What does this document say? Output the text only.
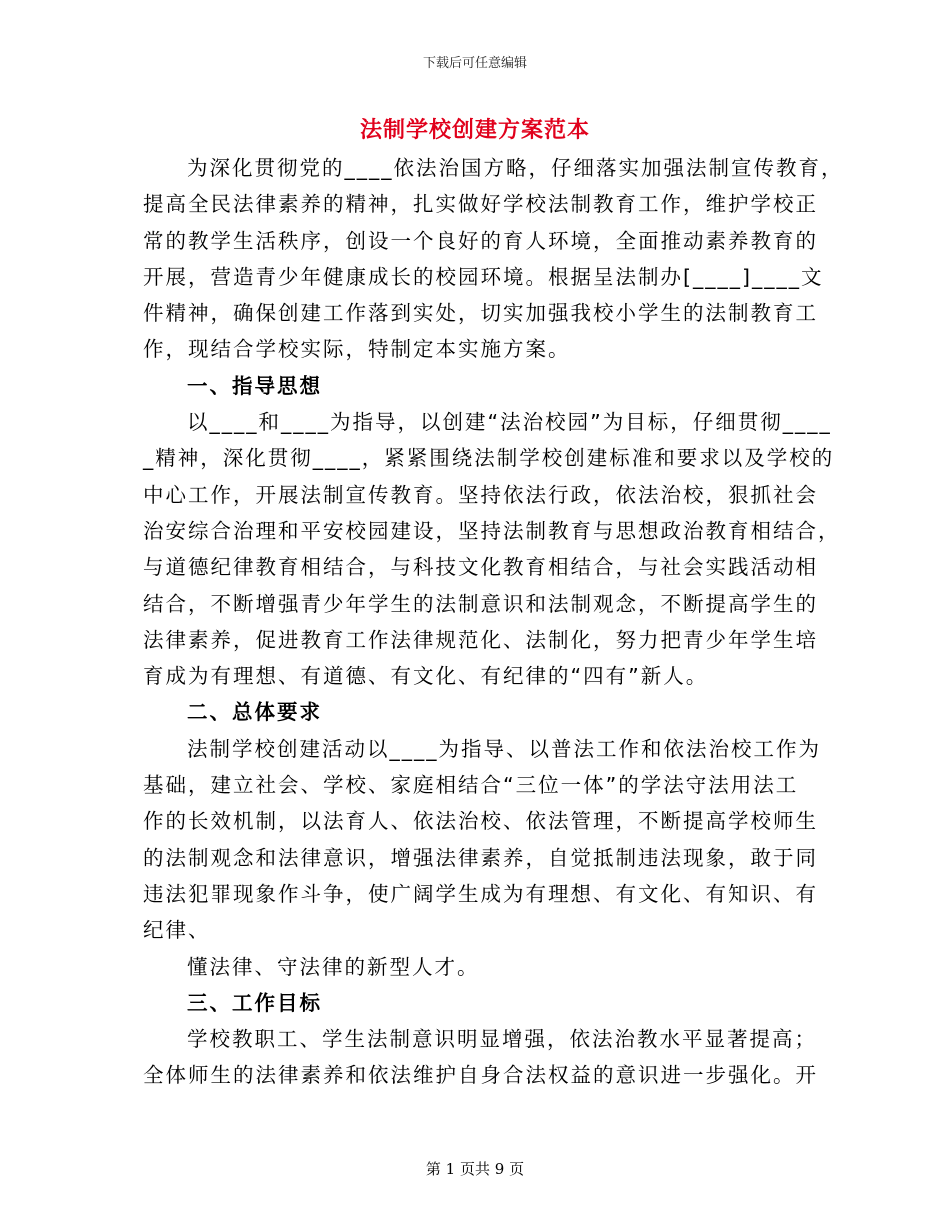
下载后可任意编辑
法制学校创建方案范本
为深化贯彻党的____依法治国方略，仔细落实加强法制宣传教育，
提高全民法律素养的精神，扎实做好学校法制教育工作，维护学校正
常的教学生活秩序，创设一个良好的育人环境，全面推动素养教育的
开展，营造青少年健康成长的校园环境。根据呈法制办[____]____文
件精神，确保创建工作落到实处，切实加强我校小学生的法制教育工
作，现结合学校实际，特制定本实施方案。
一、指导思想
以____和____为指导，以创建“法治校园”为目标，仔细贯彻____
_精神，深化贯彻____，紧紧围绕法制学校创建标准和要求以及学校的
中心工作，开展法制宣传教育。坚持依法行政，依法治校，狠抓社会
治安综合治理和平安校园建设，坚持法制教育与思想政治教育相结合，
与道德纪律教育相结合，与科技文化教育相结合，与社会实践活动相
结合，不断增强青少年学生的法制意识和法制观念，不断提高学生的
法律素养，促进教育工作法律规范化、法制化，努力把青少年学生培
育成为有理想、有道德、有文化、有纪律的“四有”新人。
二、总体要求
法制学校创建活动以____为指导、以普法工作和依法治校工作为
基础，建立社会、学校、家庭相结合“三位一体”的学法守法用法工
作的长效机制，以法育人、依法治校、依法管理，不断提高学校师生
的法制观念和法律意识，增强法律素养，自觉抵制违法现象，敢于同
违法犯罪现象作斗争，使广阔学生成为有理想、有文化、有知识、有
纪律、
懂法律、守法律的新型人才。
三、工作目标
学校教职工、学生法制意识明显增强，依法治教水平显著提高；
全体师生的法律素养和依法维护自身合法权益的意识进一步强化。开
第 1 页共 9 页
